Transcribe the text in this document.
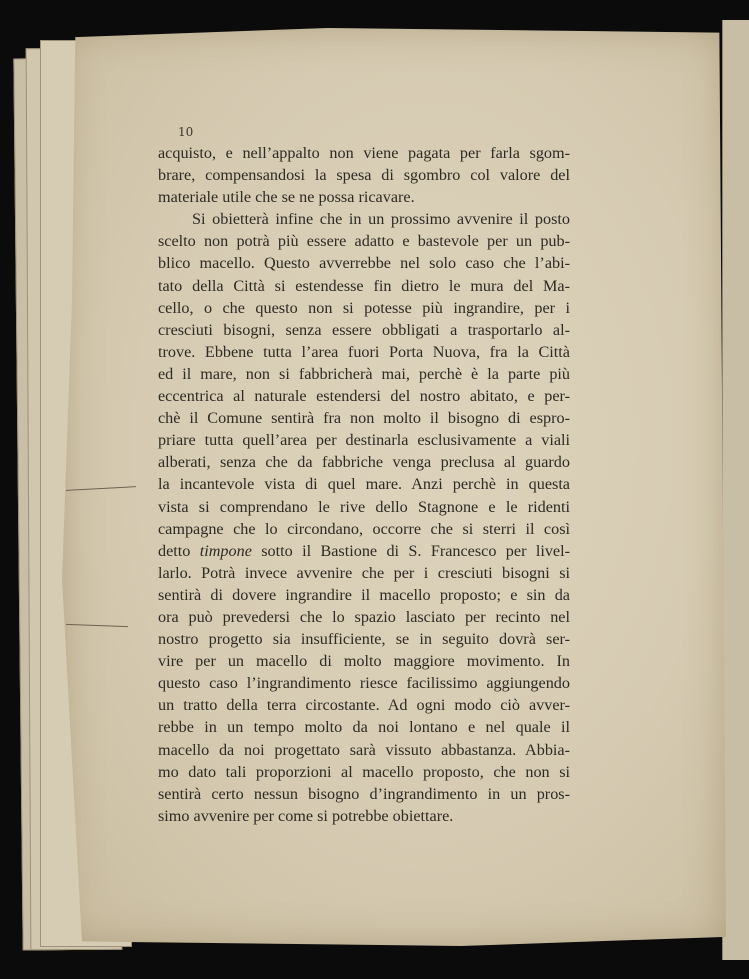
10

acquisto, e nell’appalto non viene pagata per farla sgom-
brare, compensandosi la spesa di sgombro col valore del
materiale utile che se ne possa ricavare.
Si obietterà infine che in un prossimo avvenire il posto
scelto non potrà più essere adatto e bastevole per un pub-
blico macello. Questo avverrebbe nel solo caso che l’abi-
tato della Città si estendesse fin dietro le mura del Ma-
cello, o che questo non si potesse più ingrandire, per i
cresciuti bisogni, senza essere obbligati a trasportarlo al-
trove. Ebbene tutta l’area fuori Porta Nuova, fra la Città
ed il mare, non si fabbricherà mai, perchè è la parte più
eccentrica al naturale estendersi del nostro abitato, e per-
chè il Comune sentirà fra non molto il bisogno di espro-
priare tutta quell’area per destinarla esclusivamente a viali
alberati, senza che da fabbriche venga preclusa al guardo
la incantevole vista di quel mare. Anzi perchè in questa
vista si comprendano le rive dello Stagnone e le ridenti
campagne che lo circondano, occorre che si sterri il così
detto timpone sotto il Bastione di S. Francesco per livel-
larlo. Potrà invece avvenire che per i cresciuti bisogni si
sentirà di dovere ingrandire il macello proposto; e sin da
ora può prevedersi che lo spazio lasciato per recinto nel
nostro progetto sia insufficiente, se in seguito dovrà ser-
vire per un macello di molto maggiore movimento. In
questo caso l’ingrandimento riesce facilissimo aggiungendo
un tratto della terra circostante. Ad ogni modo ciò avver-
rebbe in un tempo molto da noi lontano e nel quale il
macello da noi progettato sarà vissuto abbastanza. Abbia-
mo dato tali proporzioni al macello proposto, che non si
sentirà certo nessun bisogno d’ingrandimento in un pros-
simo avvenire per come si potrebbe obiettare.
